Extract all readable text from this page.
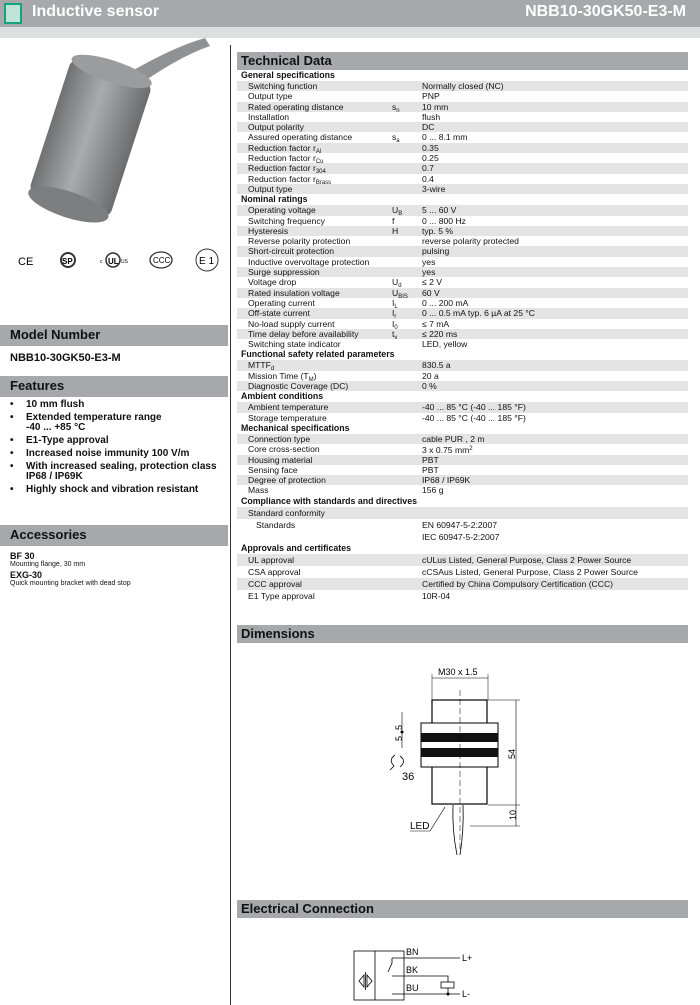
Inductive sensor	NBB10-30GK50-E3-M
CE	SP	UL
c	US	CCC	E 1
Model Number
NBB10-30GK50-E3-M
Features
•	10 mm flush
•	Extended temperature range
-40 ... +85 °C
•	E1-Type approval
•	Increased noise immunity 100 V/m
•	With increased sealing, protection class
IP68 / IP69K
•	Highly shock and vibration resistant
Accessories
BF 30
Mounting flange, 30 mm
EXG-30
Quick mounting bracket with dead stop
Technical Data
General specifications
Switching function	Normally closed (NC)
Output type	PNP
Rated operating distance	$s_n$	10 mm
Installation	flush
Output polarity	DC
Assured operating distance	$s_a$	0 ... 8.1 mm
Reduction factor $r_{Al}$	0.35
Reduction factor $r_{Cu}$	0.25
Reduction factor $r_{304}$	0.7
Reduction factor $r_{Brass}$	0.4
Output type	3-wire
Nominal ratings
Operating voltage	$U_B$	5 ... 60 V
Switching frequency	f	0 ... 800 Hz
Hysteresis	H	typ. 5 %
Reverse polarity protection	reverse polarity protected
Short-circuit protection	pulsing
Inductive overvoltage protection	yes
Surge suppression	yes
Voltage drop	$U_d$	≤ 2 V
Rated insulation voltage	$U_{BIS}$	60 V
Operating current	$I_L$	0 ... 200 mA
Off-state current	$I_r$	0 ... 0.5 mA typ. 6 µA at 25 °C
No-load supply current	$I_0$	≤ 7 mA
Time delay before availability	$t_v$	≤ 220 ms
Switching state indicator	LED, yellow
Functional safety related parameters
$MTTF_d$	830.5 a
Mission Time $(T_M)$	20 a
Diagnostic Coverage (DC)	0 %
Ambient conditions
Ambient temperature	-40 ... 85 °C (-40 ... 185 °F)
Storage temperature	-40 ... 85 °C (-40 ... 185 °F)
Mechanical specifications
Connection type	cable PUR , 2 m
Core cross-section	3 x 0.75 $mm^2$
Housing material	PBT
Sensing face	PBT
Degree of protection	IP68 / IP69K
Mass	156 g
Compliance with standards and directives
Standard conformity
Standards	EN 60947-5-2:2007
IEC 60947-5-2:2007
Approvals and certificates
UL approval	cULus Listed, General Purpose, Class 2 Power Source
CSA approval	cCSAus Listed, General Purpose, Class 2 Power Source
CCC approval	Certified by China Compulsory Certification (CCC)
E1 Type approval	10R-04
Dimensions
M30 x 1.5
54
10
5
5
36
LED
Electrical Connection
BN
BK
BU
L+
L-
